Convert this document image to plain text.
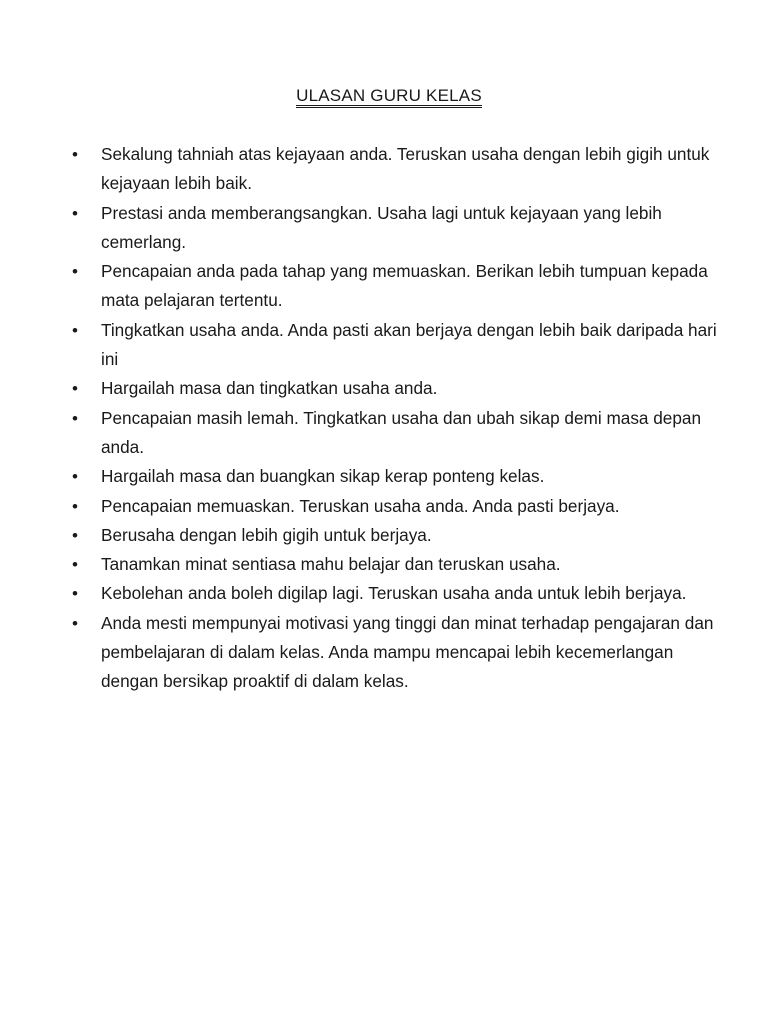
ULASAN GURU KELAS
• Sekalung tahniah atas kejayaan anda. Teruskan usaha dengan lebih gigih untuk kejayaan lebih baik.
• Prestasi anda memberangsangkan. Usaha lagi untuk kejayaan yang lebih cemerlang.
• Pencapaian anda pada tahap yang memuaskan. Berikan lebih tumpuan kepada mata pelajaran tertentu.
• Tingkatkan usaha anda. Anda pasti akan berjaya dengan lebih baik daripada hari ini
• Hargailah masa dan tingkatkan usaha anda.
• Pencapaian masih lemah. Tingkatkan usaha dan ubah sikap demi masa depan anda.
• Hargailah masa dan buangkan sikap kerap ponteng kelas.
• Pencapaian memuaskan. Teruskan usaha anda. Anda pasti berjaya.
• Berusaha dengan lebih gigih untuk berjaya.
• Tanamkan minat sentiasa mahu belajar dan teruskan usaha.
• Kebolehan anda boleh digilap lagi. Teruskan usaha anda untuk lebih berjaya.
• Anda mesti mempunyai motivasi yang tinggi dan minat terhadap pengajaran dan pembelajaran di dalam kelas. Anda mampu mencapai lebih kecemerlangan dengan bersikap proaktif di dalam kelas.
